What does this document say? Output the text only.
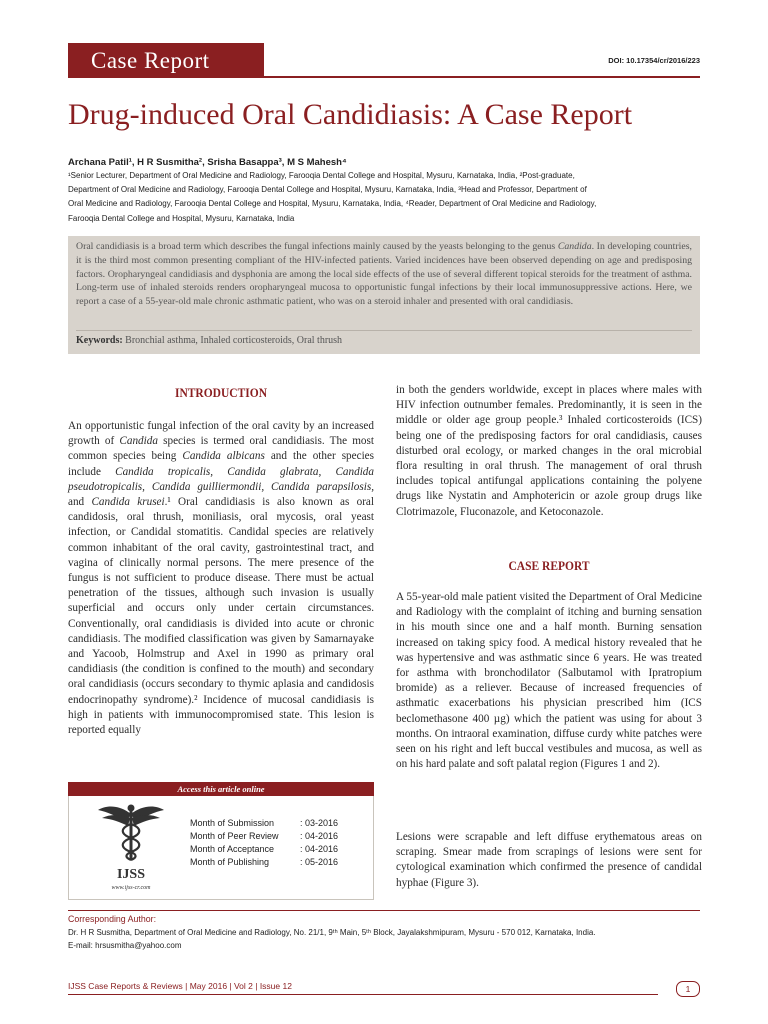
Case Report	DOI: 10.17354/cr/2016/223
Drug-induced Oral Candidiasis: A Case Report
Archana Patil¹, H R Susmitha², Srisha Basappa³, M S Mahesh⁴
¹Senior Lecturer, Department of Oral Medicine and Radiology, Farooqia Dental College and Hospital, Mysuru, Karnataka, India, ²Post-graduate,
Department of Oral Medicine and Radiology, Farooqia Dental College and Hospital, Mysuru, Karnataka, India, ³Head and Professor, Department of
Oral Medicine and Radiology, Farooqia Dental College and Hospital, Mysuru, Karnataka, India, ⁴Reader, Department of Oral Medicine and Radiology,
Farooqia Dental College and Hospital, Mysuru, Karnataka, India
Oral candidiasis is a broad term which describes the fungal infections mainly caused by the yeasts belonging to the genus Candida. In developing countries, it is the third most common presenting compliant of the HIV-infected patients. Varied incidences have been observed depending on age and predisposing factors. Oropharyngeal candidiasis and dysphonia are among the local side effects of the use of several different topical steroids for the treatment of asthma. Long-term use of inhaled steroids renders oropharyngeal mucosa to opportunistic fungal infections by their local immunosuppressive actions. Here, we report a case of a 55-year-old male chronic asthmatic patient, who was on a steroid inhaler and presented with oral candidiasis.
Keywords: Bronchial asthma, Inhaled corticosteroids, Oral thrush
INTRODUCTION

An opportunistic fungal infection of the oral cavity by an increased growth of Candida species is termed oral candidiasis. The most common species being Candida albicans and the other species include Candida tropicalis, Candida glabrata, Candida pseudotropicalis, Candida guilliermondii, Candida parapsilosis, and Candida krusei.¹ Oral candidiasis is also known as oral candidosis, oral thrush, moniliasis, oral mycosis, oral yeast infection, or Candidal stomatitis. Candidal species are relatively common inhabitant of the oral cavity, gastrointestinal tract, and vagina of clinically normal persons. The mere presence of the fungus is not sufficient to produce disease. There must be actual penetration of the tissues, although such invasion is usually superficial and occurs only under certain circumstances. Conventionally, oral candidiasis is divided into acute or chronic candidiasis. The modified classification was given by Samarnayake and Yacoob, Holmstrup and Axel in 1990 as primary oral candidiasis (the condition is confined to the mouth) and secondary oral candidiasis (occurs secondary to thymic aplasia and candidosis endocrinopathy syndrome).² Incidence of mucosal candidiasis is high in patients with immunocompromised state. This lesion is reported equally

Access this article online
IJSS
www.ijss-cr.com
Month of Submission	: 03-2016
Month of Peer Review	: 04-2016
Month of Acceptance	: 04-2016
Month of Publishing	: 05-2016

in both the genders worldwide, except in places where males with HIV infection outnumber females. Predominantly, it is seen in the middle or older age group people.³ Inhaled corticosteroids (ICS) being one of the predisposing factors for oral candidiasis, causes disturbed oral ecology, or marked changes in the oral microbial flora resulting in oral thrush. The management of oral thrush includes topical antifungal applications containing the polyene drugs like Nystatin and Amphotericin or azole group drugs like Clotrimazole, Fluconazole, and Ketoconazole.

CASE REPORT

A 55-year-old male patient visited the Department of Oral Medicine and Radiology with the complaint of itching and burning sensation in his mouth since one and a half month. Burning sensation increased on taking spicy food. A medical history revealed that he was hypertensive and was asthmatic since 6 years. He was treated for asthma with bronchodilator (Salbutamol with Ipratropium bromide) as a reliever. Because of increased frequencies of asthmatic exacerbations his physician prescribed him (ICS beclomethasone 400 µg) which the patient was using for about 3 months. On intraoral examination, diffuse curdy white patches were seen on his right and left buccal vestibules and mucosa, as well as on his hard palate and soft palatal region (Figures 1 and 2).

Lesions were scrapable and left diffuse erythematous areas on scraping. Smear made from scrapings of lesions were sent for cytological examination which confirmed the presence of candidal hyphae (Figure 3).

Corresponding Author:
Dr. H R Susmitha, Department of Oral Medicine and Radiology, No. 21/1, 9ᵗʰ Main, 5ᵗʰ Block, Jayalakshmipuram, Mysuru - 570 012, Karnataka, India.
E-mail: hrsusmitha@yahoo.com
IJSS Case Reports & Reviews | May 2016 | Vol 2 | Issue 12	1
